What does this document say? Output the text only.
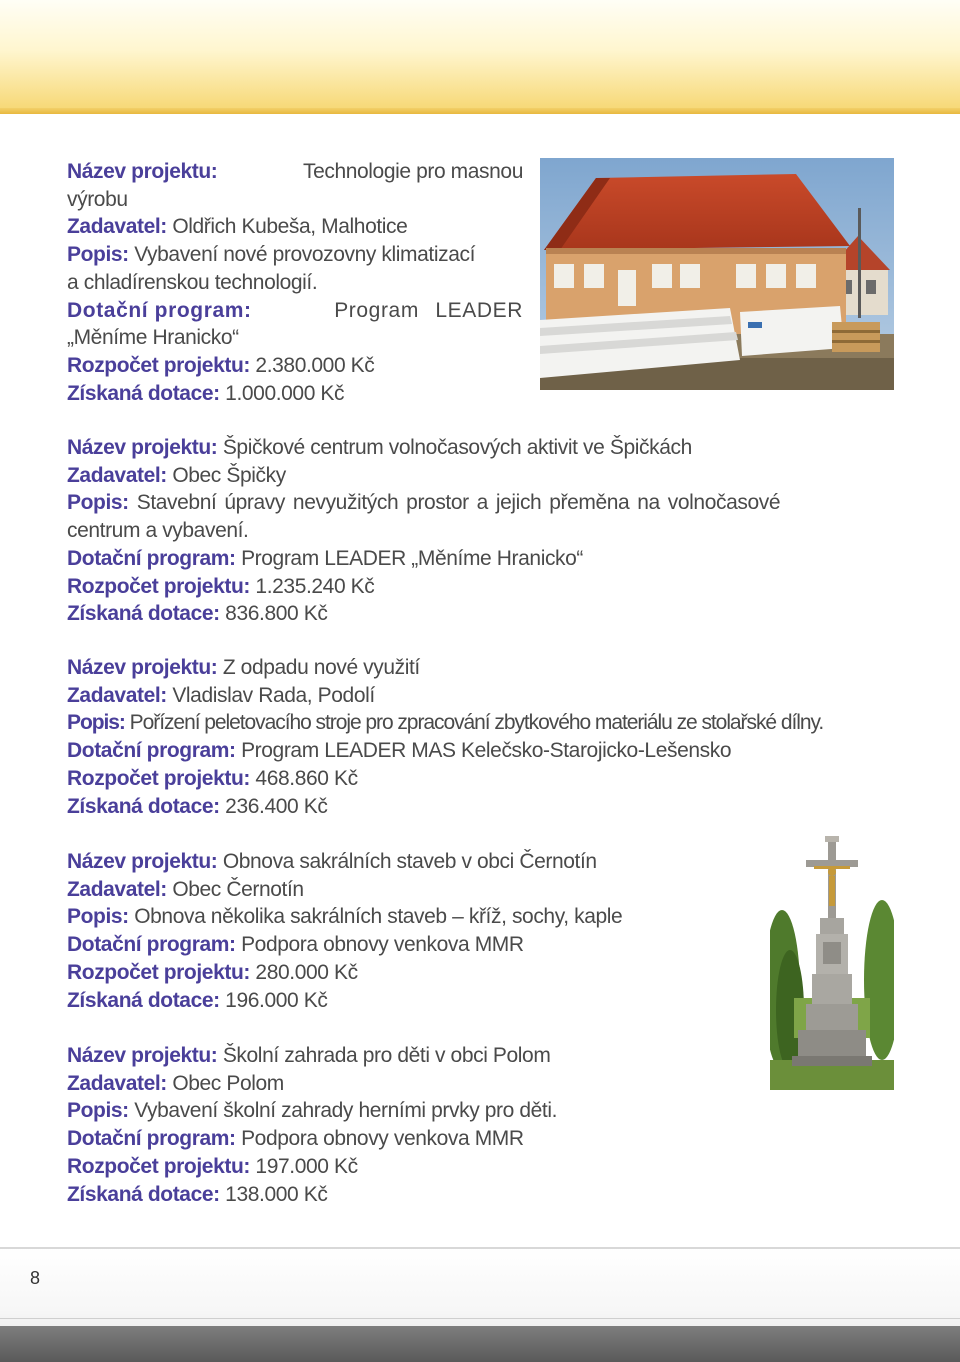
Název projektu:	Technologie pro masnou
výrobu
Zadavatel: Oldřich Kubeša, Malhotice
Popis: Vybavení nové provozovny klimatizací
a chladírenskou technologií.
Dotační program:	Program LEADER
„Měníme Hranicko“
Rozpočet projektu: 2.380.000 Kč
Získaná dotace: 1.000.000 Kč
Název projektu: Špičkové centrum volnočasových aktivit ve Špičkách
Zadavatel: Obec Špičky
Popis: Stavební úpravy nevyužitých prostor a jejich přeměna na volnočasové
centrum a vybavení.
Dotační program: Program LEADER „Měníme Hranicko“
Rozpočet projektu: 1.235.240 Kč
Získaná dotace: 836.800 Kč
Název projektu: Z odpadu nové využití
Zadavatel: Vladislav Rada, Podolí
Popis: Pořízení peletovacího stroje pro zpracování zbytkového materiálu ze stolařské dílny.
Dotační program: Program LEADER MAS Kelečsko-Starojicko-Lešensko
Rozpočet projektu: 468.860 Kč
Získaná dotace: 236.400 Kč
Název projektu: Obnova sakrálních staveb v obci Černotín
Zadavatel: Obec Černotín
Popis: Obnova několika sakrálních staveb – kříž, sochy, kaple
Dotační program: Podpora obnovy venkova MMR
Rozpočet projektu: 280.000 Kč
Získaná dotace: 196.000 Kč
Název projektu: Školní zahrada pro děti v obci Polom
Zadavatel: Obec Polom
Popis: Vybavení školní zahrady herními prvky pro děti.
Dotační program: Podpora obnovy venkova MMR
Rozpočet projektu: 197.000 Kč
Získaná dotace: 138.000 Kč
8
